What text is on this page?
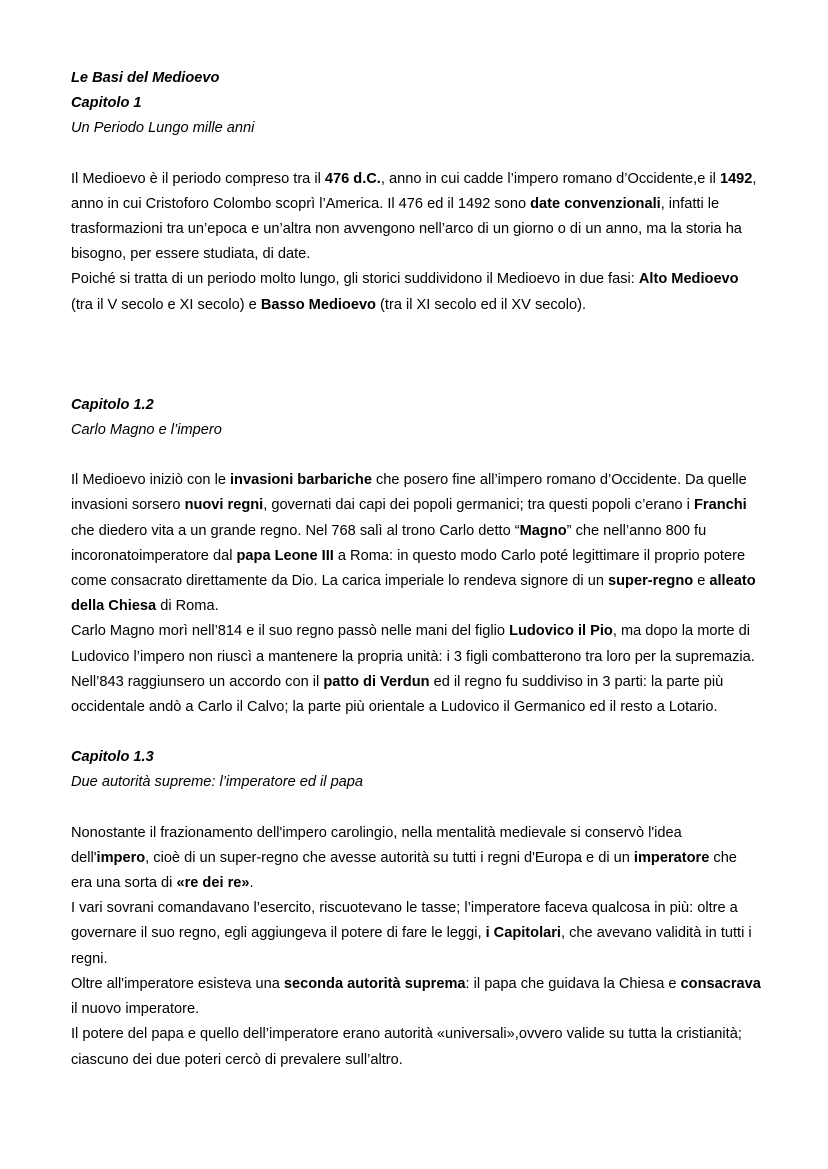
Le Basi del Medioevo

Capitolo 1

Un Periodo Lungo mille anni

Il Medioevo è il periodo compreso tra il 476 d.C., anno in cui cadde l’impero romano d’Occidente,e il 1492, anno in cui Cristoforo Colombo scoprì l’America. Il 476 ed il 1492 sono date convenzionali, infatti le trasformazioni tra un’epoca e un’altra non avvengono nell’arco di un giorno o di un anno, ma la storia ha bisogno, per essere studiata, di date.

Poiché si tratta di un periodo molto lungo, gli storici suddividono il Medioevo in due fasi: Alto Medioevo (tra il V secolo e XI secolo) e Basso Medioevo (tra il XI secolo ed il XV secolo).

Capitolo 1.2

Carlo Magno e l’impero

Il Medioevo iniziò con le invasioni barbariche che posero fine all’impero romano d’Occidente. Da quelle invasioni sorsero nuovi regni, governati dai capi dei popoli germanici; tra questi popoli c’erano i Franchi che diedero vita a un grande regno. Nel 768 salì al trono Carlo detto “Magno” che nell’anno 800 fu incoronatoimperatore dal papa Leone III a Roma: in questo modo Carlo poté legittimare il proprio potere come consacrato direttamente da Dio. La carica imperiale lo rendeva signore di un super-regno e alleato della Chiesa di Roma.

Carlo Magno morì nell’814 e il suo regno passò nelle mani del figlio Ludovico il Pio, ma dopo la morte di Ludovico l’impero non riuscì a mantenere la propria unità: i 3 figli combatterono tra loro per la supremazia. Nell’843 raggiunsero un accordo con il patto di Verdun ed il regno fu suddiviso in 3 parti: la parte più occidentale andò a Carlo il Calvo; la parte più orientale a Ludovico il Germanico ed il resto a Lotario.

Capitolo 1.3

Due autorità supreme: l’imperatore ed il papa

Nonostante il frazionamento dell'impero carolingio, nella mentalità medievale si conservò l'idea dell'impero, cioè di un super-regno che avesse autorità su tutti i regni d'Europa e di un imperatore che era una sorta di «re dei re».

I vari sovrani comandavano l’esercito, riscuotevano le tasse; l’imperatore faceva qualcosa in più: oltre a governare il suo regno, egli aggiungeva il potere di fare le leggi, i Capitolari, che avevano validità in tutti i regni.

Oltre all'imperatore esisteva una seconda autorità suprema: il papa che guidava la Chiesa e consacrava il nuovo imperatore.

Il potere del papa e quello dell’imperatore erano autorità «universali»,ovvero valide su tutta la cristianità; ciascuno dei due poteri cercò di prevalere sull’altro.
